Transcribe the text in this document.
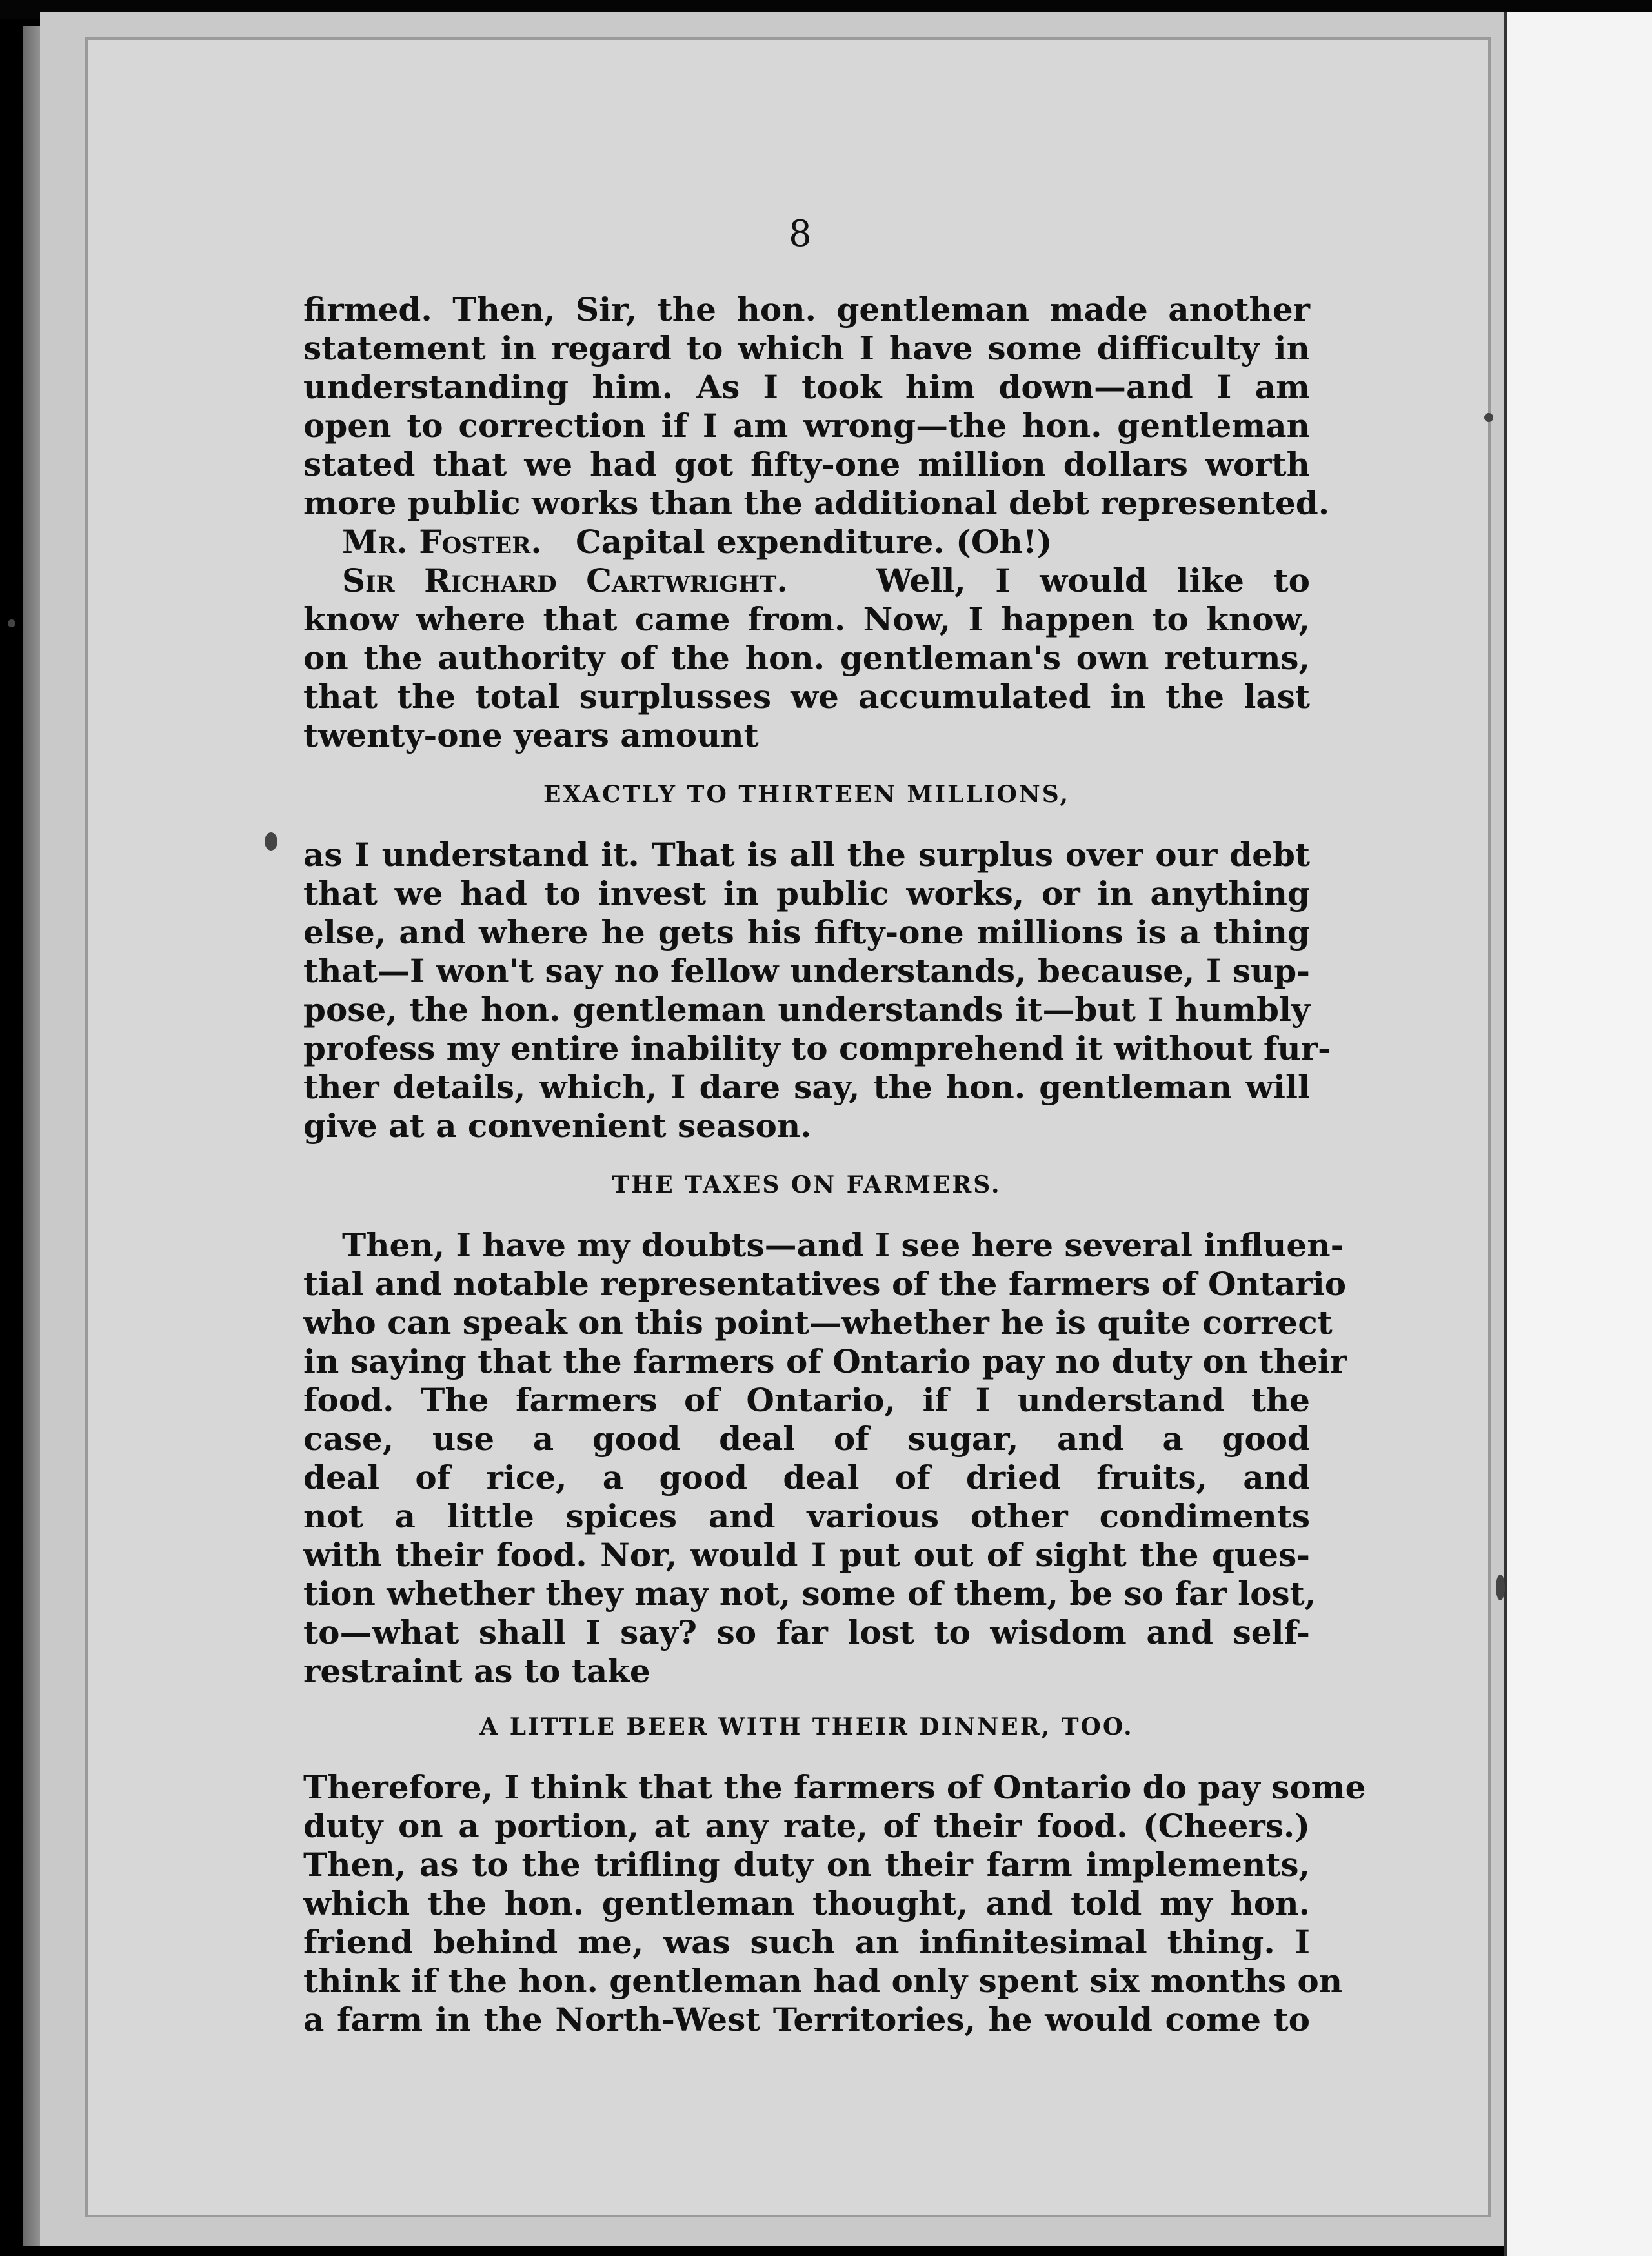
8
firmed. Then, Sir, the hon. gentleman made another
statement in regard to which I have some difficulty in
understanding him. As I took him down—and I am
open to correction if I am wrong—the hon. gentleman
stated that we had got fifty-one million dollars worth
more public works than the additional debt represented.
Mr. Foster. Capital expenditure. (Oh!)
Sir Richard Cartwright.	Well, I would like to
know where that came from. Now, I happen to know,
on the authority of the hon. gentleman's own returns,
that the total surplusses we accumulated in the last
twenty-one years amount
EXACTLY TO THIRTEEN MILLIONS,
as I understand it. That is all the surplus over our debt
that we had to invest in public works, or in anything
else, and where he gets his fifty-one millions is a thing
that—I won't say no fellow understands, because, I sup-
pose, the hon. gentleman understands it—but I humbly
profess my entire inability to comprehend it without fur-
ther details, which, I dare say, the hon. gentleman will
give at a convenient season.
THE TAXES ON FARMERS.
Then, I have my doubts—and I see here several influen-
tial and notable representatives of the farmers of Ontario
who can speak on this point—whether he is quite correct
in saying that the farmers of Ontario pay no duty on their
food. The farmers of Ontario, if I understand the
case, use a good deal of sugar, and a good
deal of rice, a good deal of dried fruits, and
not a little spices and various other condiments
with their food. Nor, would I put out of sight the ques-
tion whether they may not, some of them, be so far lost,
to—what shall I say? so far lost to wisdom and self-
restraint as to take
A LITTLE BEER WITH THEIR DINNER, TOO.
Therefore, I think that the farmers of Ontario do pay some
duty on a portion, at any rate, of their food. (Cheers.)
Then, as to the trifling duty on their farm implements,
which the hon. gentleman thought, and told my hon.
friend behind me, was such an infinitesimal thing. I
think if the hon. gentleman had only spent six months on
a farm in the North-West Territories, he would come to
